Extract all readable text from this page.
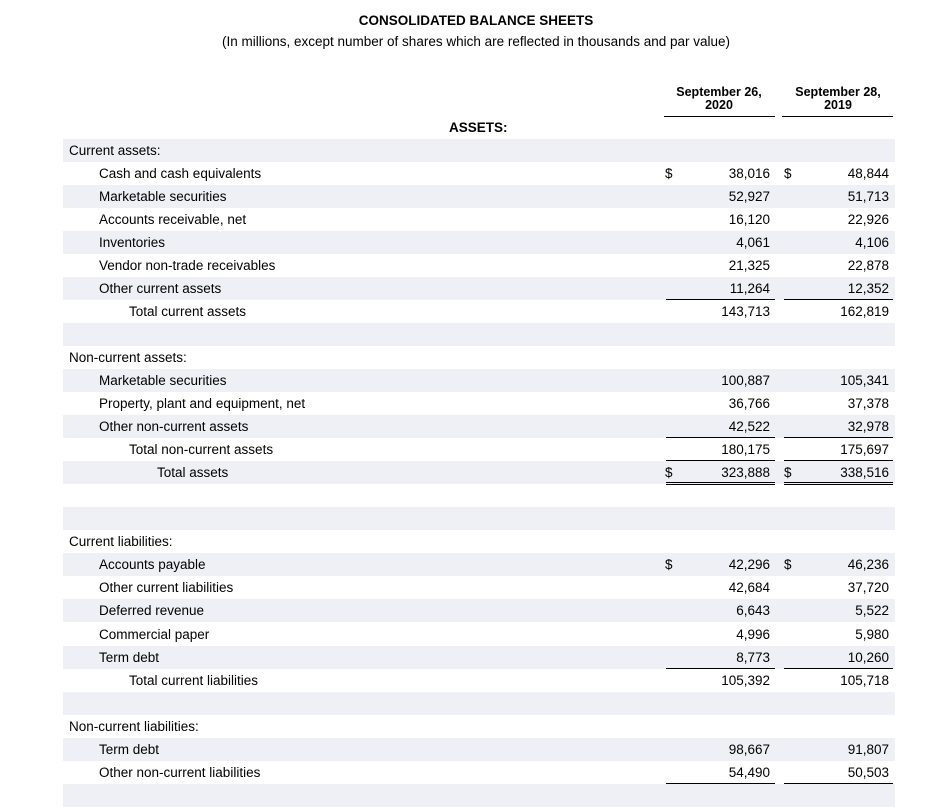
CONSOLIDATED BALANCE SHEETS
(In millions, except number of shares which are reflected in thousands and par value)
September 26,
2020
September 28,
2019
ASSETS:
Current assets:
Cash and cash equivalents	$	38,016 $	48,844
Marketable securities	52,927	51,713
Accounts receivable, net	16,120	22,926
Inventories	4,061	4,106
Vendor non-trade receivables	21,325	22,878
Other current assets	11,264	12,352
Total current assets	143,713	162,819
Non-current assets:
Marketable securities	100,887	105,341
Property, plant and equipment, net	36,766	37,378
Other non-current assets	42,522	32,978
Total non-current assets	180,175	175,697
Total assets	$	323,888 $	338,516
Current liabilities:
Accounts payable	$	42,296 $	46,236
Other current liabilities	42,684	37,720
Deferred revenue	6,643	5,522
Commercial paper	4,996	5,980
Term debt	8,773	10,260
Total current liabilities	105,392	105,718
Non-current liabilities:
Term debt	98,667	91,807
Other non-current liabilities	54,490	50,503
